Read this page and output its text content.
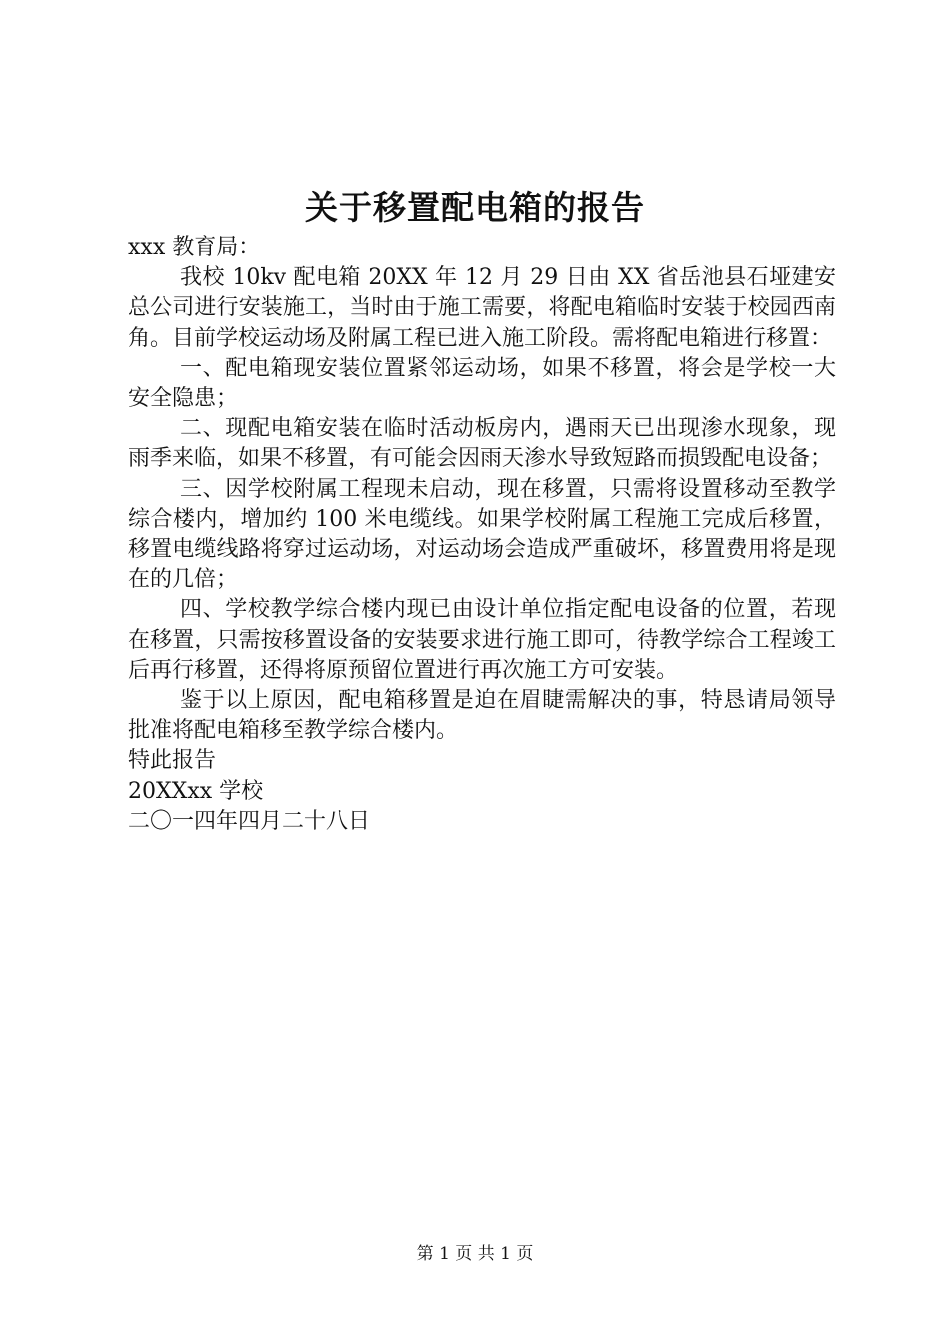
关于移置配电箱的报告

xxx 教育局：

我校 10kv 配电箱 20XX 年 12 月 29 日由 XX 省岳池县石垭建安总公司进行安装施工，当时由于施工需要，将配电箱临时安装于校园西南角。目前学校运动场及附属工程已进入施工阶段。需将配电箱进行移置：

一、配电箱现安装位置紧邻运动场，如果不移置，将会是学校一大安全隐患；

二、现配电箱安装在临时活动板房内，遇雨天已出现渗水现象，现雨季来临，如果不移置，有可能会因雨天渗水导致短路而损毁配电设备；

三、因学校附属工程现未启动，现在移置，只需将设置移动至教学综合楼内，增加约 100 米电缆线。如果学校附属工程施工完成后移置，移置电缆线路将穿过运动场，对运动场会造成严重破坏，移置费用将是现在的几倍；

四、学校教学综合楼内现已由设计单位指定配电设备的位置，若现在移置，只需按移置设备的安装要求进行施工即可，待教学综合工程竣工后再行移置，还得将原预留位置进行再次施工方可安装。

鉴于以上原因，配电箱移置是迫在眉睫需解决的事，特恳请局领导批准将配电箱移至教学综合楼内。

特此报告

20XXxx 学校

二〇一四年四月二十八日

第 1 页 共 1 页
